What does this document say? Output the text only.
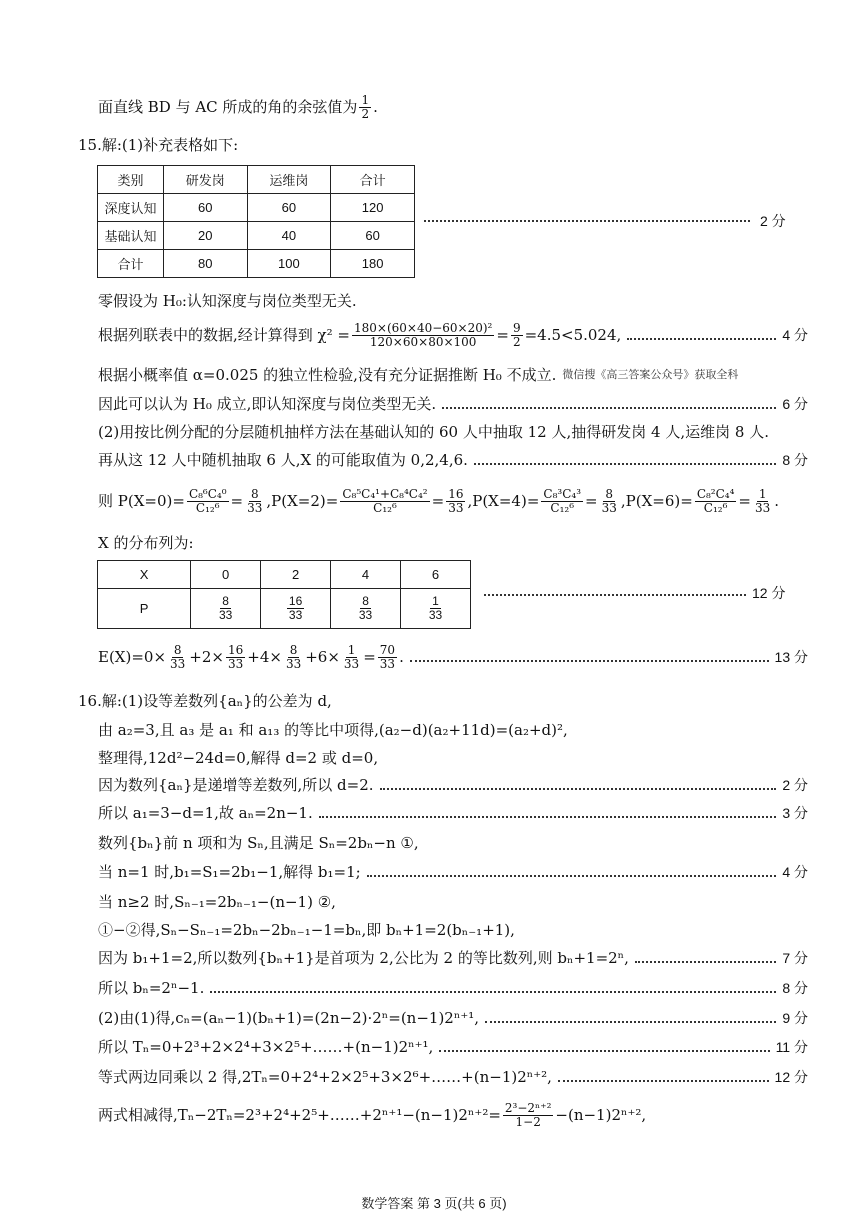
面直线 BD 与 AC 所成的角的余弦值为 $\frac{1}{2}$ .
15.解:(1)补充表格如下:
类别	研发岗	运维岗	合计
深度认知	60	60	120
基础认知	20	40	60
合计	80	100	180
2 分
零假设为 H₀:认知深度与岗位类型无关.
根据列联表中的数据,经计算得到 $\chi^2 = \frac{\text{180×(60×40−60×20)²}}{120\times 60\times 80\times 100} = \frac{9}{2} =4.5<5.024$,	4 分
根据小概率值 α=0.025 的独立性检验,没有充分证据推断 H₀ 不成立. 微信搜《高三答案公众号》获取全科
因此可以认为 H₀ 成立,即认知深度与岗位类型无关.	6 分
(2)用按比例分配的分层随机抽样方法在基础认知的 60 人中抽取 12 人,抽得研发岗 4 人,运维岗 8 人.
再从这 12 人中随机抽取 6 人,X 的可能取值为 0,2,4,6.	8 分
则 $P(X=0)= \frac{\text{C₈⁶C₄⁰}}{\text{C₁₂⁶}} = \frac{8}{33} ,P(X=2)= \frac{\text{C₈⁵C₄¹+C₈⁴C₄²}}{\text{C₁₂⁶}} = \frac{16}{33} ,P(X=4)= \frac{\text{C₈³C₄³}}{\text{C₁₂⁶}} = \frac{8}{33} ,P(X=6)= \frac{\text{C₈²C₄⁴}}{\text{C₁₂⁶}} = \frac{1}{33}$ .
X 的分布列为:
X	0	2	4	6
P	$\frac{8}{33}$	$\frac{16}{33}$	$\frac{8}{33}$	$\frac{1}{33}$
12 分
$E(X)=0\times \frac{8}{33} +2\times \frac{16}{33} +4\times \frac{8}{33} +6\times \frac{1}{33} = \frac{70}{33}$ .	13 分
16.解:(1)设等差数列{aₙ}的公差为 d,
由 a₂=3,且 a₃ 是 a₁ 和 a₁₃ 的等比中项得,(a₂−d)(a₂+11d)=(a₂+d)²,
整理得,12d²−24d=0,解得 d=2 或 d=0,
因为数列{aₙ}是递增等差数列,所以 d=2.	2 分
所以 a₁=3−d=1,故 aₙ=2n−1.	3 分
数列{bₙ}前 n 项和为 Sₙ,且满足 Sₙ=2bₙ−n ①,
当 n=1 时,b₁=S₁=2b₁−1,解得 b₁=1;	4 分
当 n≥2 时,Sₙ₋₁=2bₙ₋₁−(n−1) ②,
①−②得,Sₙ−Sₙ₋₁=2bₙ−2bₙ₋₁−1=bₙ,即 bₙ+1=2(bₙ₋₁+1),
因为 b₁+1=2,所以数列{bₙ+1}是首项为 2,公比为 2 的等比数列,则 bₙ+1=2ⁿ,	7 分
所以 bₙ=2ⁿ−1.	8 分
(2)由(1)得,cₙ=(aₙ−1)(bₙ+1)=(2n−2)·2ⁿ=(n−1)2ⁿ⁺¹,	9 分
所以 Tₙ=0+2³+2×2⁴+3×2⁵+……+(n−1)2ⁿ⁺¹,	11 分
等式两边同乘以 2 得,2Tₙ=0+2⁴+2×2⁵+3×2⁶+……+(n−1)2ⁿ⁺²,	12 分
两式相减得,Tₙ−2Tₙ=2³+2⁴+2⁵+……+2ⁿ⁺¹−(n−1)2ⁿ⁺²= $\frac{\text{2³−2ⁿ⁺²}}{1-2} -(n-1)2^{n+2}$,
数学答案 第 3 页(共 6 页)
